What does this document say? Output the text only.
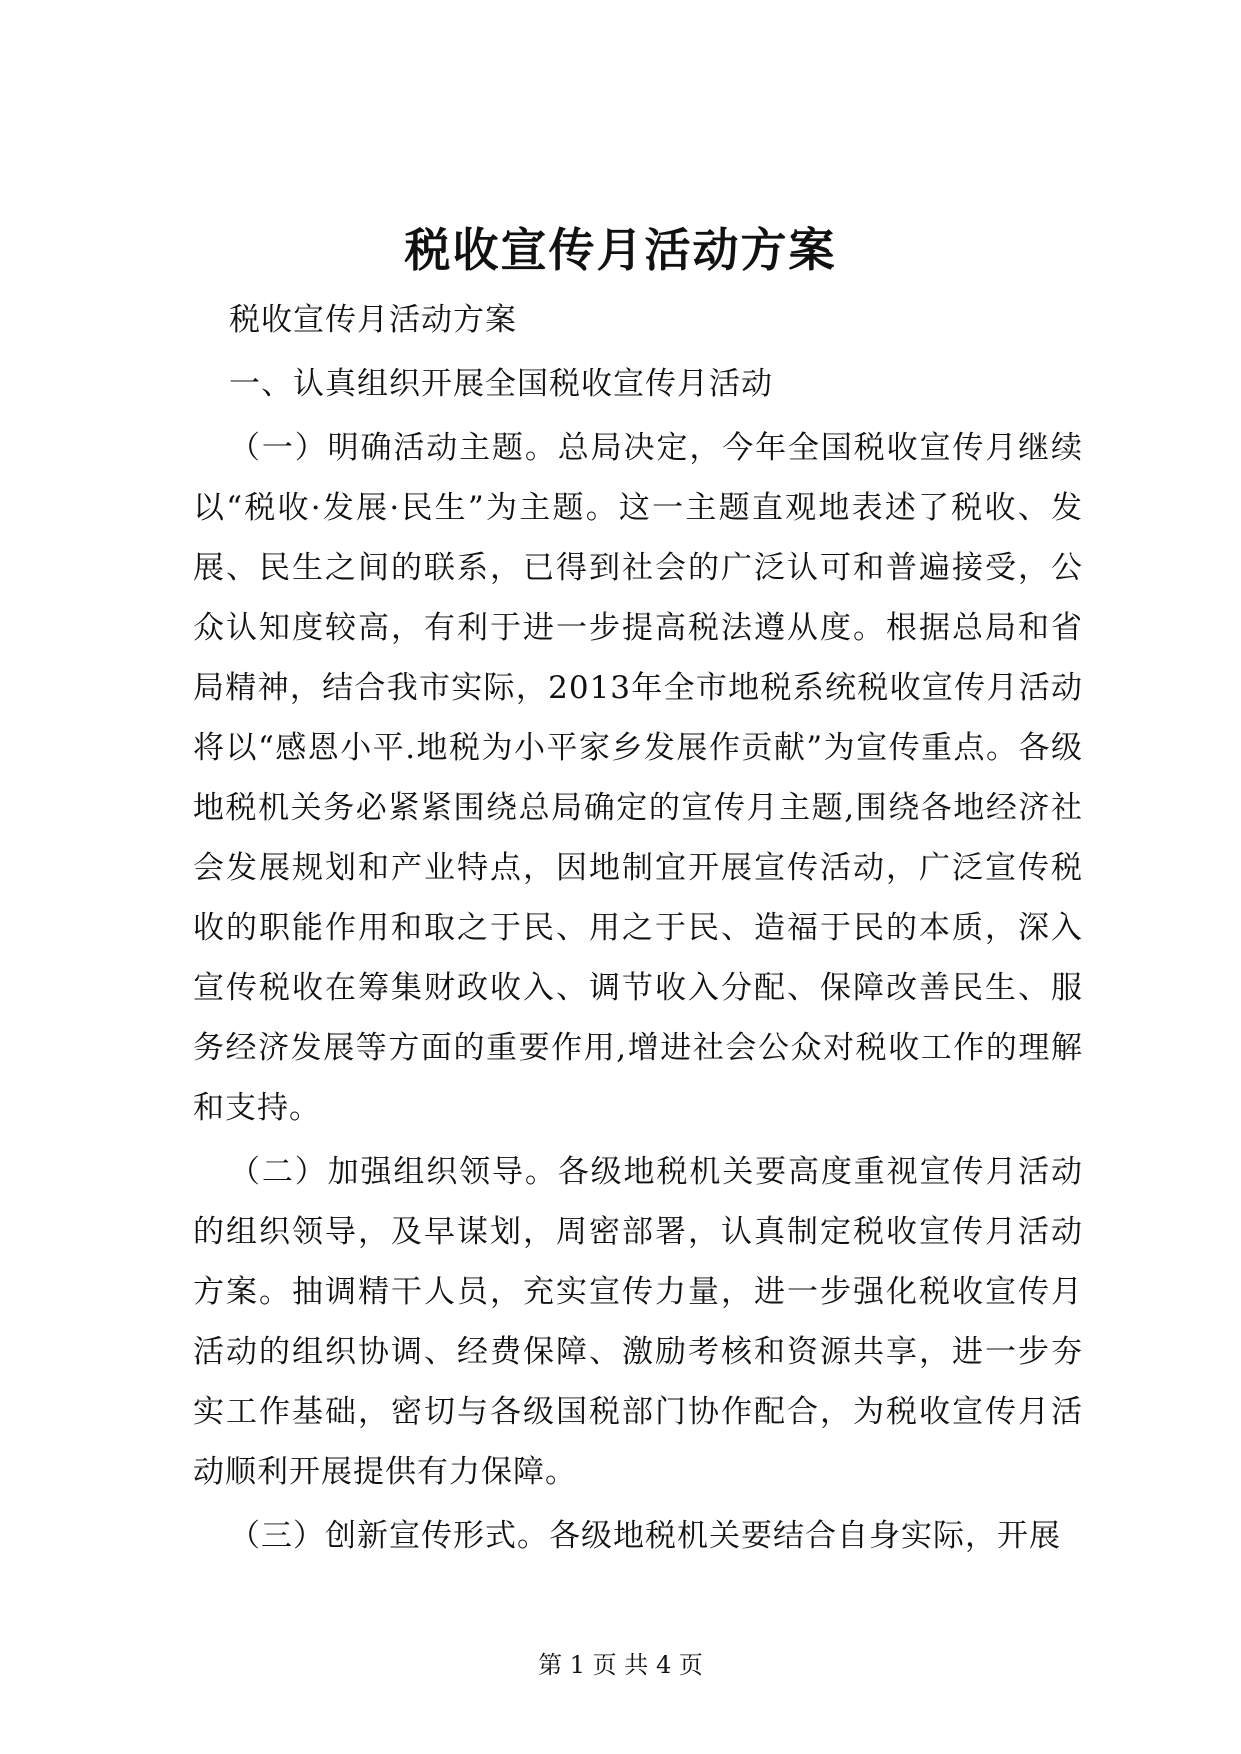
税收宣传月活动方案

税收宣传月活动方案

一、认真组织开展全国税收宣传月活动

（一）明确活动主题。总局决定，今年全国税收宣传月继续以“税收·发展·民生”为主题。这一主题直观地表述了税收、发展、民生之间的联系，已得到社会的广泛认可和普遍接受，公众认知度较高，有利于进一步提高税法遵从度。根据总局和省局精神，结合我市实际，2013年全市地税系统税收宣传月活动将以“感恩小平.地税为小平家乡发展作贡献”为宣传重点。各级地税机关务必紧紧围绕总局确定的宣传月主题,围绕各地经济社会发展规划和产业特点，因地制宜开展宣传活动，广泛宣传税收的职能作用和取之于民、用之于民、造福于民的本质，深入宣传税收在筹集财政收入、调节收入分配、保障改善民生、服务经济发展等方面的重要作用,增进社会公众对税收工作的理解和支持。

（二）加强组织领导。各级地税机关要高度重视宣传月活动的组织领导，及早谋划，周密部署，认真制定税收宣传月活动方案。抽调精干人员，充实宣传力量，进一步强化税收宣传月活动的组织协调、经费保障、激励考核和资源共享，进一步夯实工作基础，密切与各级国税部门协作配合，为税收宣传月活动顺利开展提供有力保障。

（三）创新宣传形式。各级地税机关要结合自身实际，开展

第 1 页 共 4 页
